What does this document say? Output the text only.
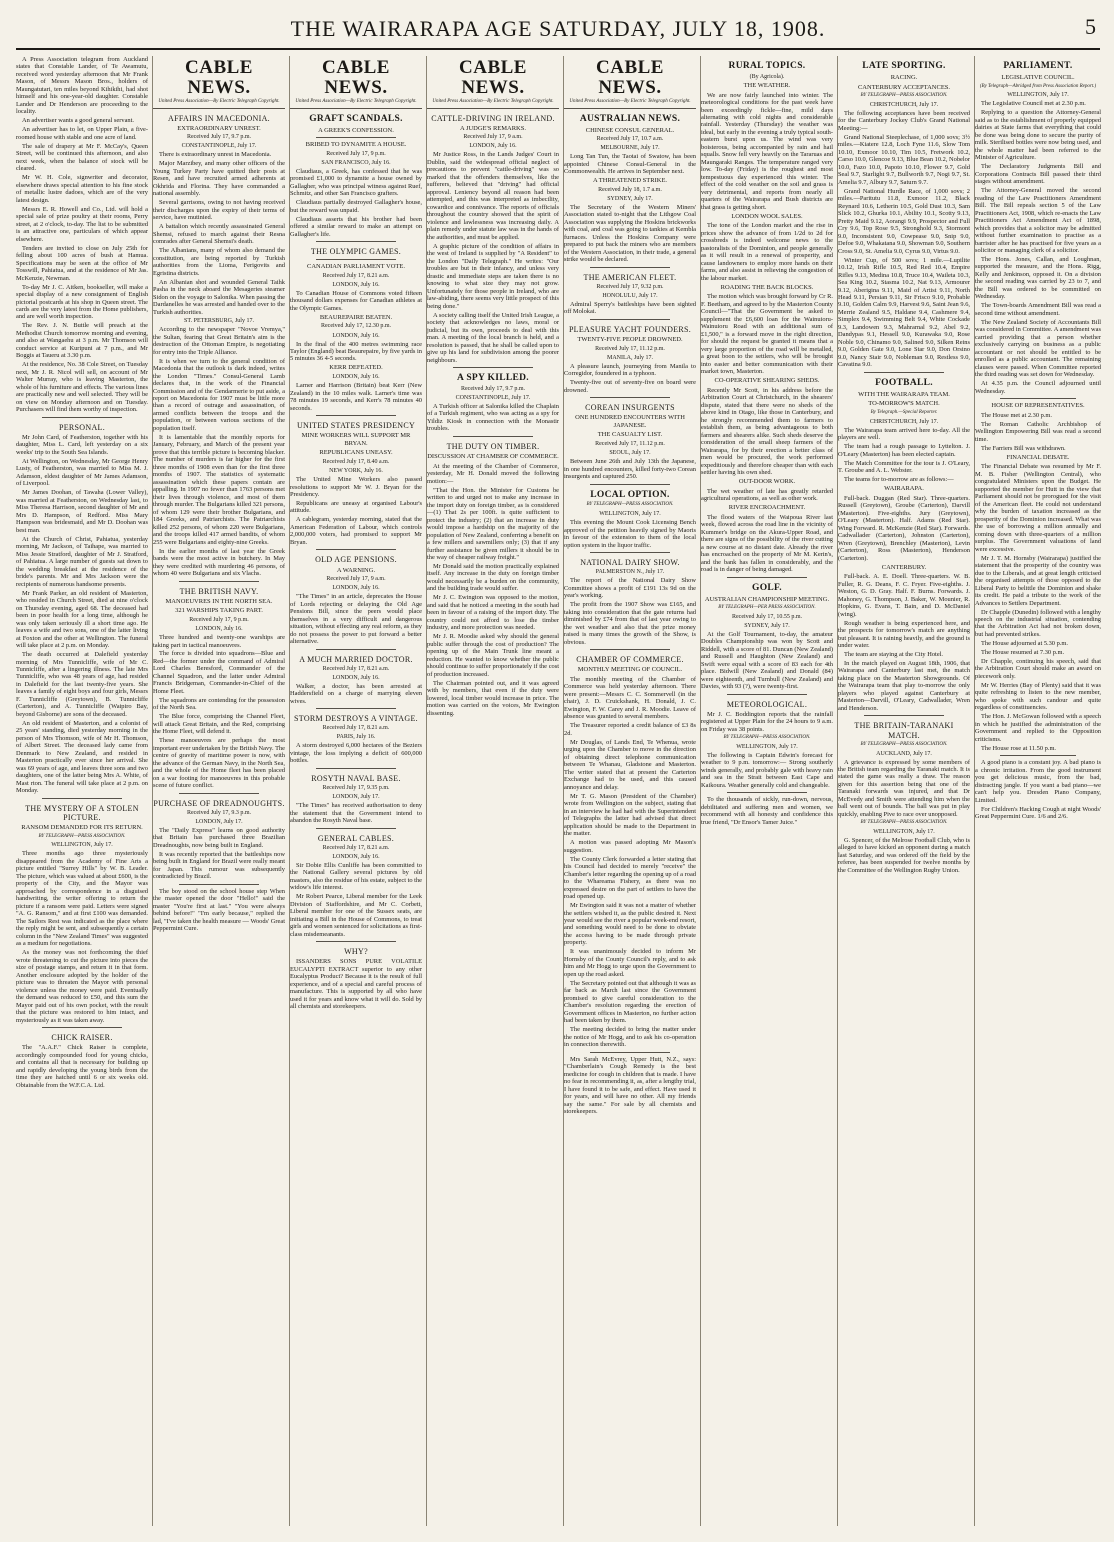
THE WAIRARAPA AGE SATURDAY, JULY 18, 1908.	5

A Press Association telegram from Auckland states that Constable Lander, of Te Awamutu, received word yesterday afternoon that Mr Frank Mason, of Messrs Mason Bros., holders of Maungatutari, ten miles beyond Kihikihi, had shot himself and his one-year-old daughter. Constable Lander and Dr Henderson are proceeding to the locality.

An advertiser wants a good general servant.

An advertiser has to let, on Upper Plain, a five-roomed house with stable and one acre of land.

The sale of drapery at Mr F. McCay's, Queen Street, will be continued this afternoon, and also next week, when the balance of stock will be cleared.

Mr W. H. Cole, signwriter and decorator, elsewhere draws special attention to his fine stock of metallic lustre dadoes, which are of the very latest design.

Messrs E. R. Howell and Co., Ltd. will hold a special sale of prize poultry at their rooms, Perry street, at 2 o'clock, to-day. The list to be submitted is an attractive one, particulars of which appear elsewhere.

Tenders are invited to close on July 25th for felling about 100 acres of bush at Hamua. Specifications may be seen at the office of Mr Tosswill, Pahiatua, and at the residence of Mr Jas. McKenzie, Newman.

To-day Mr J. C. Aitken, bookseller, will make a special display of a new consignment of English pictorial postcards at his shop in Queen street. The cards are the very latest from the Home publishers, and are well worth inspection.

The Rev. J. N. Buttle will preach at the Methodist Church tomorrow morning and evening, and also at Wangaehu at 3 p.m. Mr Thomson will conduct service at Kuripuni at 7 p.m., and Mr Boggis at Taueru at 3.30 p.m.

At the residence, No. 38 Cole Street, on Tuesday next, Mr J. R. Nicol will sell, on account of Mr Walter Murray, who is leaving Masterton, the whole of his furniture and effects. The various lines are practically new and well selected. They will be on view on Monday afternoon and on Tuesday. Purchasers will find them worthy of inspection.

PERSONAL.

Mr John Card, of Featherston, together with his daughter, Miss L. Card, left yesterday on a six weeks' trip to the South Sea Islands.

At Wellington, on Wednesday, Mr George Henry Lusty, of Featherston, was married to Miss M. J. Adamson, eldest daughter of Mr James Adamson, of Liverpool.

Mr James Doohan, of Tawaha (Lower Valley), was married at Featherston, on Wednesday last, to Miss Theresa Harrison, second daughter of Mr and Mrs D. Hampson, of Redford. Miss Mary Hampson was bridesmaid, and Mr D. Doohan was best man.

At the Church of Christ, Pahiatua, yesterday morning, Mr Jackson, of Taihape, was married to Miss Jessie Stratford, daughter of Mr J. Stratford, of Pahiatua. A large number of guests sat down to the wedding breakfast at the residence of the bride's parents. Mr and Mrs Jackson were the recipients of numerous handsome presents.

Mr Frank Parker, an old resident of Masterton, who resided in Church Street, died at nine o'clock on Thursday evening, aged 68. The deceased had been in poor health for a long time, although he was only taken seriously ill a short time ago. He leaves a wife and two sons, one of the latter living at Foxton and the other at Wellington. The funeral will take place at 2 p.m. on Monday.

The death occurred at Dalefield yesterday morning of Mrs Tunnicliffe, wife of Mr C. Tunnicliffe, after a lingering illness. The late Mrs Tunnicliffe, who was 48 years of age, had resided in Dalefield for the last twenty-five years. She leaves a family of eight boys and four girls, Messrs F. Tunnicliffe (Greytown), B. Tunnicliffe (Carterton), and A. Tunnicliffe (Waipiro Bay, beyond Gisborne) are sons of the deceased.

An old resident of Masterton, and a colonist of 25 years' standing, died yesterday morning in the person of Mrs Thomson, wife of Mr H. Thomson, of Albert Street. The deceased lady came from Denmark to New Zealand, and resided in Masterton practically ever since her arrival. She was 69 years of age, and leaves three sons and two daughters, one of the latter being Mrs A. White, of Mast rton. The funeral will take place at 2 p.m. on Monday.

THE MYSTERY OF A STOLEN PICTURE.
RANSOM DEMANDED FOR ITS RETURN.
BY TELEGRAPH—PRESS ASSOCIATION.
WELLINGTON, July 17.

Three months ago three mysteriously disappeared from the Academy of Fine Arts a picture entitled "Surrey Hills" by W. B. Leader. The picture, which was valued at about £600, is the property of the City, and the Mayor was approached by correspondence in a disguised handwriting, the writer offering to return the picture if a ransom were paid. Letters were signed "A. G. Ransom," and at first £100 was demanded. The Sailors Rest was indicated as the place where the reply might be sent, and subsequently a certain column in the "New Zealand Times" was suggested as a medium for negotiations.

As the money was not forthcoming the thief wrote threatening to cut the picture into pieces the size of postage stamps, and return it in that form. Another enclosure adopted by the holder of the picture was to threaten the Mayor with personal violence unless the money were paid. Eventually the demand was reduced to £50, and this sum the Mayor paid out of his own pocket, with the result that the picture was restored to him intact, and mysteriously as it was taken away.

CHICK RAISER.

The "A.A.F." Chick Raiser is complete, accordingly compounded food for young chicks, and contains all that is necessary for building up and rapidly developing the young birds from the time they are hatched until 6 or six weeks old. Obtainable from the W.F.C.A. Ltd.

CABLE NEWS.
United Press Association—By Electric Telegraph Copyright.
AFFAIRS IN MACEDONIA.
EXTRAORDINARY UNREST.
Received July 17, 9.7 p.m.
CONSTANTINOPLE, July 17.

There is extraordinary unrest in Macedonia.

Major Marzibey, and many other officers of the Young Turkey Party have quitted their posts at Resen, and have recruited armed adherents at Okhrida and Florina. They have commanded a national assembly.

Several garrisons, owing to not having received their discharges upon the expiry of their terms of service, have mutinied.

A battalion which recently assassinated General Shemsi, refused to march against their Resna comrades after General Shemsi's death.

The Albanians, many of whom also demand the constitution, are being reported by Turkish authorities from the Lioma, Ferigovits and Egristina districts.

An Albanian shot and wounded General Taihk Pasha in the neck aboard the Mesageries steamer Sidon on the voyage to Salonika. When passing the Dardanelles he was arrested and handed over to the Turkish authorities.

ST. PETERSBURG, July 17.

According to the newspaper "Novoe Vremya," the Sultan, fearing that Great Britain's aim is the destruction of the Ottoman Empire, is negotiating for entry into the Triple Alliance.

It is when we turn to the general condition of Macedonia that the outlook is dark indeed, writes the London "Times." Consul-General Lamb declares that, in the work of the Financial Commission and of the Gendarmerie to put aside, a report on Macedonia for 1907 must be little more than a record of outrage and assassination, of armed conflicts between the troops and the population, or between various sections of the population itself.

It is lamentable that the monthly reports for January, February, and March of the present year prove that this terrible picture is becoming blacker. The number of murders is far higher for the first three months of 1908 even than for the first three months of 1907. The statistics of systematic assassination which these papers contain are appalling. In 1907 no fewer than 1763 persons met their lives through violence, and most of them through murder. The Bulgarians killed 321 persons, of whom 129 were their brother Bulgarians, and 184 Greeks, and Patriarchists. The Patriarchists killed 252 persons, of whom 220 were Bulgarians, and the troops killed 417 armed bandits, of whom 255 were Bulgarians and eighty-nine Greeks.

In the earlier months of last year the Greek bands were the most active in butchery. In May they were credited with murdering 46 persons, of whom 40 were Bulgarians and six Vlachs.

THE BRITISH NAVY.
MANOEUVRES IN THE NORTH SEA.
321 WARSHIPS TAKING PART.
Received July 17, 9 p.m.
LONDON, July 16.

Three hundred and twenty-one warships are taking part in tactical manoeuvres.

The force is divided into squadrons—Blue and Red—the former under the command of Admiral Lord Charles Beresford, Commander of the Channel Squadron, and the latter under Admiral Francis Bridgeman, Commander-in-Chief of the Home Fleet.

The squadrons are contending for the possession of the North Sea.

The Blue force, comprising the Channel Fleet, will attack Great Britain, and the Red, comprising the Home Fleet, will defend it.

These manoeuvres are perhaps the most important ever undertaken by the British Navy. The centre of gravity of maritime power is now, with the advance of the German Navy, in the North Sea, and the whole of the Home fleet has been placed on a war footing for manoeuvres in this probable scene of future conflict.

PURCHASE OF DREADNOUGHTS.
Received July 17, 9.3 p.m.
LONDON, July 17.

The "Daily Express" learns on good authority that Britain has purchased three Brazilian Dreadnoughts, now being built in England.

It was recently reported that the battleships now being built in England for Brazil were really meant for Japan. This rumour was subsequently contradicted by Brazil.

The boy stood on the school house step When the master opened the door "Hello!" said the master "You're first at last." "You were always behind before!" "I'm early because," replied the lad, "I've taken the health measure — Woods' Great Peppermint Cure.

CABLE NEWS.
United Press Association—By Electric Telegraph Copyright.
GRAFT SCANDALS.
A GREEK'S CONFESSION.
BRIBED TO DYNAMITE A HOUSE.
Received July 17, 9 p.m.
SAN FRANCISCO, July 16.

Claudiaus, a Greek, has confessed that he was promised £1,000 to dynamite a house owned by Gallagher, who was principal witness against Ruef, Schmitz, and other San Francisco grafters.

Claudiaus partially destroyed Gallagher's house, but the reward was unpaid.

Claudiaus asserts that his brother had been offered a similar reward to make an attempt on Gallagher's life.

THE OLYMPIC GAMES.
CANADIAN PARLIAMENT VOTE.
Received July 17, 8.21 a.m.
LONDON, July 16.

To Canadian House of Commons voted fifteen thousand dollars expenses for Canadian athletes at the Olympic Games.

BEAUREPAIRE BEATEN.
Received July 17, 12.30 p.m.
LONDON, July 16.

In the final of the 400 metres swimming race Taylor (England) beat Beaurepaire, by five yards in 5 minutes 36 4-5 seconds.

KERR DEFEATED.
LONDON, July 16.

Larner and Harrison (Britain) beat Kerr (New Zealand) in the 10 miles walk. Larner's time was 78 minutes 19 seconds, and Kerr's 78 minutes 40 seconds.

UNITED STATES PRESIDENCY
MINE WORKERS WILL SUPPORT MR BRYAN.
REPUBLICANS UNEASY.
Received July 17, 8.40 a.m.
NEW YORK, July 16.

The United Mine Workers also passed resolutions to support Mr W. J. Bryan for the Presidency.

Republicans are uneasy at organised Labour's attitude.

A cablegram, yesterday morning, stated that the American Federation of Labour, which controls 2,000,000 voters, had promised to support Mr Bryan.

OLD AGE PENSIONS.
A WARNING.
Received July 17, 9 a.m.
LONDON, July 16.

"The Times" in an article, deprecates the House of Lords rejecting or delaying the Old Age Pensions Bill, since the peers would place themselves in a very difficult and dangerous situation, without effecting any real reform, as they do not possess the power to put forward a better alternative.

A MUCH MARRIED DOCTOR.
Received July 17, 8.21 a.m.
LONDON, July 16.

Walker, a doctor, has been arrested at Haddersfield on a charge of marrying eleven wives.

STORM DESTROYS A VINTAGE.
Received July 17, 8.21 a.m.
PARIS, July 16.

A storm destroyed 6,000 hectares of the Beziers vintage, the loss implying a deficit of 600,000 bottles.

ROSYTH NAVAL BASE.
Received July 17, 9.35 p.m.
LONDON, July 17.

"The Times" has received authorisation to deny the statement that the Government intend to abandon the Rosyth Naval base.

GENERAL CABLES.
Received July 17, 8.21 a.m.
LONDON, July 16.

Sir Dobie Ellis Cunliffe has been committed to the National Gallery several pictures by old masters, also the residue of his estate, subject to the widow's life interest.

Mr Robert Pearce, Liberal member for the Leek Division of Staffordshire, and Mr C. Corbett, Liberal member for one of the Sussex seats, are initiating a Bill in the House of Commons, to treat girls and women sentenced for solicitations as first-class misdemeanants.

WHY?

ISSANDERS SONS PURE VOLATILE EUCALYPTI EXTRACT superior to any other Eucalyptus Product? Because it is the result of full experience, and of a special and careful process of manufacture. This is supported by all who have used it for years and know what it will do. Sold by all chemists and storekeepers.

CABLE NEWS.
United Press Association—By Electric Telegraph Copyright.
CATTLE-DRIVING IN IRELAND.
A JUDGE'S REMARKS.
Received July 17, 9 a.m.
LONDON, July 16.

Mr Justice Ross, in the Lands Judges' Court in Dublin, said the widespread official neglect of precautions to prevent "cattle-driving" was so marked that the offenders themselves, like the sufferers, believed that "driving" had official approval. Leniency beyond all reason had been attempted, and this was interpreted as imbecility, cowardice and connivance. The reports of officials throughout the country showed that the spirit of violence and lawlessness was increasing daily. A plain remedy under statute law was in the hands of the authorities, and must be applied.

A graphic picture of the condition of affairs in the west of Ireland is supplied by "A Resident" to the London "Daily Telegraph." He writes: "Our troubles are but in their infancy, and unless very drastic and immediate steps are taken there is no knowing to what size they may not grow. Unfortunately for those people in Ireland, who are law-abiding, there seems very little prospect of this being done."

A society calling itself the United Irish League, a society that acknowledges no laws, moral or judicial, but its own, proceeds to deal with this man. A meeting of the local branch is held, and a resolution is passed, that he shall be called upon to give up his land for subdivision among the poorer neighbours.

A SPY KILLED.
Received July 17, 9.7 p.m.
CONSTANTINOPLE, July 17.

A Turkish officer at Salonika killed the Chaplain of a Turkish regiment, who was acting as a spy for Yildiz Kiosk in connection with the Monastir troubles.

THE DUTY ON TIMBER.
DISCUSSION AT CHAMBER OF COMMERCE.

At the meeting of the Chamber of Commerce, yesterday, Mr H. Donald moved the following motion:—

"That the Hon. the Minister for Customs be written to and urged not to make any increase in the import duty on foreign timber, as is considered—(1) That 2s per 100ft. is quite sufficient to protect the industry; (2) that an increase in duty would impose a hardship on the majority of the population of New Zealand, conferring a benefit on a few millers and sawmillers only; (3) that if any further assistance be given millers it should be in the way of cheaper railway freight."

Mr Donald said the motion practically explained itself. Any increase in the duty on foreign timber would necessarily be a burden on the community, and the building trade would suffer.

Mr J. C. Ewington was opposed to the motion, and said that he noticed a meeting in the south had been in favour of a raising of the import duty. The country could not afford to lose the timber industry, and more protection was needed.

Mr J. R. Moodie asked why should the general public suffer through the cost of production? The opening up of the Main Trunk line meant a reduction. He wanted to know whether the public should continue to suffer proportionately if the cost of production increased.

The Chairman pointed out, and it was agreed with by members, that even if the duty were lowered, local timber would increase in price. The motion was carried on the voices, Mr Ewington dissenting.

CABLE NEWS.
United Press Association—By Electric Telegraph Copyright.
AUSTRALIAN NEWS.
CHINESE CONSUL GENERAL.
Received July 17, 10.7 a.m.
MELBOURNE, July 17.

Long Tan Tun, the Taotai of Swatow, has been appointed Chinese Consul-General in the Commonwealth. He arrives in September next.

A THREATENED STRIKE.
Received July 18, 1.7 a.m.
SYDNEY, July 17.

The Secretary of the Western Miners' Association stated to-night that the Lithgow Coal Association was supplying the Hoskins brickworks with coal, and coal was going to tankies at Kembla furnaces. Unless the Hoskins Company were prepared to put back the miners who are members of the Western Association, in their trade, a general strike would be declared.

THE AMERICAN FLEET.
Received July 17, 9.32 p.m.
HONOLULU, July 17.

Admiral Sperry's battleships have been sighted off Molokai.

PLEASURE YACHT FOUNDERS.
TWENTY-FIVE PEOPLE DROWNED.
Received July 17, 11.12 p.m.
MANILA, July 17.

A pleasure launch, journeying from Manila to Corregidor, foundered in a typhoon.

Twenty-five out of seventy-five on board were drowned.

COREAN INSURGENTS
ONE HUNDRED ENCOUNTERS WITH JAPANESE.
THE CASUALTY LIST.
Received July 17, 11.12 p.m.
SEOUL, July 17.

Between June 26th and July 13th the Japanese, in one hundred encounters, killed forty-two Corean insurgents and captured 250.

LOCAL OPTION.
BY TELEGRAPH—PRESS ASSOCIATION.
WELLINGTON, July 17.

This evening the Mount Cook Licensing Bench approved of the petition heavily signed by Maoris in favour of the extension to them of the local option system in the liquor traffic.

NATIONAL DAIRY SHOW.
PALMERSTON N., July 17.

The report of the National Dairy Show Committee shows a profit of £191 13s 9d on the year's working.

The profit from the 1907 Show was £165, and taking into consideration that the gate returns had diminished by £74 from that of last year owing to the wet weather and also that the prize money raised is many times the growth of the Show, is obvious.

CHAMBER OF COMMERCE.
MONTHLY MEETING OF COUNCIL.

The monthly meeting of the Chamber of Commerce was held yesterday afternoon. There were present:—Messrs C. C. Sommervell (in the chair), J. D. Cruickshank, H. Donald, J. C. Ewington, F. W. Carey and J. R. Moodie. Leave of absence was granted to several members.

The Treasurer reported a credit balance of £3 8s 2d.

Mr Douglas, of Lands End, Te Whenua, wrote urging upon the Chamber to move in the direction of obtaining direct telephone communication between Te Whanau, Gladstone and Masterton. The writer stated that at present the Carterton Exchange had to be used, and this caused annoyance and delay.

Mr T. G. Mason (President of the Chamber) wrote from Wellington on the subject, stating that in an interview he had had with the Superintendent of Telegraphs the latter had advised that direct application should be made to the Department in the matter.

A motion was passed adopting Mr Mason's suggestion.

The County Clerk forwarded a letter stating that his Council had decided to merely "receive" the Chamber's letter regarding the opening up of a road to the Whareama Fishery, as there was no expressed desire on the part of settlers to have the road opened up.

Mr Ewington said it was not a matter of whether the settlers wished it, as the public desired it. Next year would see the river a popular week-end resort, and something would need to be done to obviate the access having to be made through private property.

It was unanimously decided to inform Mr Hornsby of the County Council's reply, and to ask him and Mr Hogg to urge upon the Government to open up the road asked.

The Secretary pointed out that although it was as far back as March last since the Government promised to give careful consideration to the Chamber's resolution regarding the erection of Government offices in Masterton, no further action had been taken by them.

The meeting decided to bring the matter under the notice of Mr Hogg, and to ask his co-operation in connection therewith.

Mrs Sarah McEvrey, Upper Hutt, N.Z., says: "Chamberlain's Cough Remedy is the best medicine for cough in children that is made. I have no fear in recommending it, as, after a lengthy trial, I have found it to be safe, and effect. Have used it for years, and will have no other. All my friends say the same." For sale by all chemists and storekeepers.

RURAL TOPICS.
(By Agricola).
THE WEATHER.

We are now fairly launched into winter. The meteorological conditions for the past week have been exceedingly fickle—fine, mild days alternating with cold nights and considerable rainfall. Yesterday (Thursday) the weather was ideal, but early in the evening a truly typical south-eastern burst upon us. The wind was very boisterous, being accompanied by rain and hail squalls. Snow fell very heavily on the Tararuas and Maungaraki Ranges. The temperature ranged very low. To-day (Friday) is the roughest and most tempestuous day experienced this winter. The effect of the cold weather on the soil and grass is very detrimental, and reports from nearly all quarters of the Wairarapa and Bush districts are that grass is getting short.

LONDON WOOL SALES.

The tone of the London market and the rise in prices show the advance of from 1/2d to 2d for crossbreds is indeed welcome news to the pastoralists of the Dominion, and people generally as it will result in a renewal of prosperity, and cause landowners to employ more hands on their farms, and also assist in relieving the congestion of the labour market.

ROADING THE BACK BLOCKS.

The motion which was brought forward by Cr R. F. Beetham, and agreed to by the Masterton County Council—"That the Government be asked to supplement the £6,600 loan for the Wainuioru-Wainuioru Road with an additional sum of £1,500," is a forward move in the right direction, for should the request be granted it means that a very large proportion of the road will be metalled, a great boon to the settlers, who will be brought into easier and better communication with their market town, Masterton.

CO-OPERATIVE SHEARING SHEDS.

Recently Mr Scott, in his address before the Arbitration Court at Christchurch, in the shearers' dispute, stated that there were no sheds of the above kind in Otago, like those in Canterbury, and he strongly recommended them to farmers to establish them, as being advantageous to both farmers and shearers alike. Such sheds deserve the consideration of the small sheep farmers of the Wairarapa, for by their erection a better class of men would be procured, the work performed expeditiously and therefore cheaper than with each settler having his own shed.

OUT-DOOR WORK.

The wet weather of late has greatly retarded agricultural operations, as well as other work.

RIVER ENCROACHMENT.

The flood waters of the Waipoua River last week, flowed across the road line in the vicinity of Kummer's bridge on the Akura-Upper Road, and there are signs of the possibility of the river cutting a new course at no distant date. Already the river has encroached on the property of Mr M. Kerin's, and the bank has fallen in considerably, and the road is in danger of being damaged.

GOLF.
AUSTRALIAN CHAMPIONSHIP MEETING.
BY TELEGRAPH—PER PRESS ASSOCIATION.
Received July 17, 10.55 p.m.
SYDNEY, July 17.

At the Golf Tournament, to-day, the amateur Doubles Championship was won by Scott and Riddell, with a score of 81. Duncan (New Zealand) and Russell and Haughton (New Zealand) and Swift were equal with a score of 83 each for 4th place. Bidwill (New Zealand) and Donald (84) were eighteenth, and Turnbull (New Zealand) and Davies, with 93 (?), were twenty-first.

METEOROLOGICAL.

Mr J. C. Boddington reports that the rainfall registered at Upper Plain for the 24 hours to 9 a.m. on Friday was 38 points.

BY TELEGRAPH—PRESS ASSOCIATION.
WELLINGTON, July 17.

The following is Captain Edwin's forecast for weather to 9 p.m. tomorrow:— Strong southerly winds generally, and probably gale with heavy rain and sea in the Strait between East Cape and Kaikoura. Weather generally cold and changeable.

To the thousands of sickly, run-down, nervous, debilitated and suffering men and women, we recommend with all honesty and confidence this true friend, "Dr Ensor's Tamer Juice."

LATE SPORTING.
RACING.
CANTERBURY ACCEPTANCES.
BY TELEGRAPH—PRESS ASSOCIATION.
CHRISTCHURCH, July 17.

The following acceptances have been received for the Canterbury Jockey Club's Grand National Meeting:—

Grand National Steeplechase, of 1,000 sovs; 3½ miles.—Kiatere 12.8, Loch Fyne 11.6, Slow Tom 10.10, Exmoor 10.10, Tim 10.5, Fretwork 10.2, Carso 10.0, Glencoe 9.13, Blue Bean 10.2, Nobelor 10.0, Fazo 10.0, Papoto 10.10, Flower 9.7, Gold Seal 9.7, Starlight 9.7, Bullworth 9.7, Nogi 9.7, St. Amelia 9.7, Albury 9.7, Saturn 9.7.

Grand National Hurdle Race, of 1,000 sovs; 2 miles.—Paritutu 11.8, Exmoor 11.2, Black Reynard 10.6, Letherin 10.5, Gold Dust 10.3, Sam Slick 10.2, Ghurka 10.1, Ability 10.1, Scotty 9.13, Pretty Maid 9.12, Aorangi 9.9, Prospector and Full Cry 9.6, Top Rose 9.5, Stronghold 9.3, Stormont 9.0, Inconsistent 9.0, Cowpease 9.0, Snip 9.0, Defoe 9.0, Whakatana 9.0, Showman 9.0, Southern Cross 9.0, St. Amelia 9.0, Cyrus 9.0, Virtus 9.0.

Winter Cup, of 500 sovs; 1 mile.—Lupilite 10.12, Irish Rifle 10.5, Red Red 10.4, Empire Rifles 9.13, Medina 10.8, Truce 10.4, Waileta 10.3, Sea King 10.2, Stasma 10.2, Nat 9.13, Armourer 9.12, Aberigina 9.11, Maid of Artist 9.11, North Head 9.11, Persian 9.11, Sir Frisco 9.10, Probable 9.10, Golden Calm 9.9, Harvest 9.6, Saint Jean 9.6, Merrie Zealand 9.5, Haldane 9.4, Cashmere 9.4, Simplex 9.4, Swimming Belt 9.4, White Cockade 9.3, Landowen 9.3, Mahrarnal 9.2, Abel 9.2, Dandypas 9.1, Hessell 9.0, Kurawaka 9.0, Rose Noble 9.0, Chinamo 9.0, Salined 9.0, Silken Reins 9.0, Golden Gate 9.0, Lone Star 9.0, Don Orsino 9.0, Nancy Stair 9.0, Nobleman 9.0, Restless 9.0, Cavatina 9.0.

FOOTBALL.
WITH THE WAIRARAPA TEAM.
TO-MORROW'S MATCH.
By Telegraph.—Special Reporter.
CHRISTCHURCH, July 17.

The Wairarapa team arrived here to-day. All the players are well.

The team had a rough passage to Lyttelton. J. O'Leary (Masterton) has been elected captain.

The Match Committee for the tour is J. O'Leary, T. Groube and A. L. Webster.

The teams for to-morrow are as follows:—

WAIRARAPA.

Full-back. Duggan (Red Star). Three-quarters. Russell (Greytown), Groube (Carterton), Darvill (Masterton). Five-eighths. Jury (Greytown), O'Leary (Masterton). Half. Adams (Red Star). Wing Forward. R. McKenzie (Red Star). Forwards. Cadwallader (Carterton), Johnston (Carterton), Wren (Greytown), Brenchley (Masterton), Levin (Carterton), Ross (Masterton), Henderson (Carterton).

CANTERBURY.

Full-back. A. E. Doell. Three-quarters. W. B. Fuller, R. G. Deans, F. C. Fryer. Five-eighths. J. Weston, G. D. Gray. Half. F. Burns. Forwards. J. Mahoney, G. Thompson, J. Baker, W. Mounier, R. Hopkins, G. Evans, T. Bain, and D. McDaniel (wing).

Rough weather is being experienced here, and the prospects for tomorrow's match are anything but pleasant. It is raining heavily, and the ground is under water.

The team are staying at the City Hotel.

In the match played on August 18th, 1906, that Wairarapa and Canterbury last met, the match taking place on the Masterton Showgrounds. Of the Wairarapa team that play to-morrow the only players who played against Canterbury at Masterton—Darvill, O'Leary, Cadwallader, Wren and Henderson.

THE BRITAIN-TARANAKI MATCH.
BY TELEGRAPH—PRESS ASSOCIATION.
AUCKLAND, July 17.

A grievance is expressed by some members of the British team regarding the Taranaki match. It is stated the game was really a draw. The reason given for this assertion being that one of the Taranaki forwards was injured, and that Dr McEvedy and Smith were attending him when the ball went out of bounds. The ball was put in play quickly, enabling Pive to race over unopposed.

BY TELEGRAPH—PRESS ASSOCIATION.
WELLINGTON, July 17.

G. Spencer, of the Melrose Football Club, who is alleged to have kicked an opponent during a match last Saturday, and was ordered off the field by the referee, has been suspended for twelve months by the Committee of the Wellington Rugby Union.

PARLIAMENT.
LEGISLATIVE COUNCIL.
(By Telegraph—Abridged from Press Association Report.)
WELLINGTON, July 17.

The Legislative Council met at 2.30 p.m.

Replying to a question the Attorney-General said as to the establishment of properly equipped dairies at State farms that everything that could be done was being done to secure the purity of milk. Sterilised bottles were now being used, and the whole matter had been referred to the Minister of Agriculture.

The Declaratory Judgments Bill and Corporations Contracts Bill passed their third stages without amendment.

The Attorney-General moved the second reading of the Law Practitioners Amendment Bill. The Bill repeals section 5 of the Law Practitioners Act, 1908, which re-enacts the Law Practitioners Act Amendment Act of 1898, which provides that a solicitor may be admitted without further examination to practise as a barrister after he has practised for five years as a solicitor or managing clerk of a solicitor.

The Hons. Jones, Callan, and Loughnan, supported the measure, and the Hons. Rigg, Kelly and Jenkinson, opposed it. On a division the second reading was carried by 23 to 7, and the Bill was ordered to be committed on Wednesday.

The Town-boards Amendment Bill was read a second time without amendment.

The New Zealand Society of Accountants Bill was considered in Committee. A amendment was carried providing that a person whether exclusively carrying on business as a public accountant or not should be entitled to be enrolled as a public accountant. The remaining clauses were passed. When Committee reported the third reading was set down for Wednesday.

At 4.35 p.m. the Council adjourned until Wednesday.

HOUSE OF REPRESENTATIVES.

The House met at 2.30 p.m.

The Roman Catholic Archbishop of Wellington Empowering Bill was read a second time.

The Farriers Bill was withdrawn.

FINANCIAL DEBATE.

The Financial Debate was resumed by Mr F. M. B. Fisher (Wellington Central), who congratulated Ministers upon the Budget. He supported the member for Hutt in the view that Parliament should not be prorogued for the visit of the American fleet. He could not understand why the burden of taxation increased as the prosperity of the Dominion increased. What was the use of borrowing a million annually and coming down with three-quarters of a million surplus. The Government valuations of land were excessive.

Mr J. T. M. Hornsby (Wairarapa) justified the statement that the prosperity of the country was due to the Liberals, and at great length criticised the organised attempts of those opposed to the Liberal Party to belittle the Dominion and shake its credit. He paid a tribute to the work of the Advances to Settlers Department.

Dr Chapple (Dunedin) followed with a lengthy speech on the industrial situation, contending that the Arbitration Act had not broken down, but had prevented strikes.

The House adjourned at 5.30 p.m.

The House resumed at 7.30 p.m.

Dr Chapple, continuing his speech, said that the Arbitration Court should make an award on piecework only.

Mr W. Herries (Bay of Plenty) said that it was quite refreshing to listen to the new member, who spoke with such candour and quite regardless of constituencies.

The Hon. J. McGowan followed with a speech in which he justified the administration of the Government and replied to the Opposition criticisms.

The House rose at 11.50 p.m.

A good piano is a constant joy. A bad piano is a chronic irritation. From the good instrument you get delicious music, from the bad, distracting jangle. If you want a bad piano—we can't help you. Dresden Piano Company, Limited.

For Children's Hacking Cough at night Woods' Great Peppermint Cure. 1/6 and 2/6.
